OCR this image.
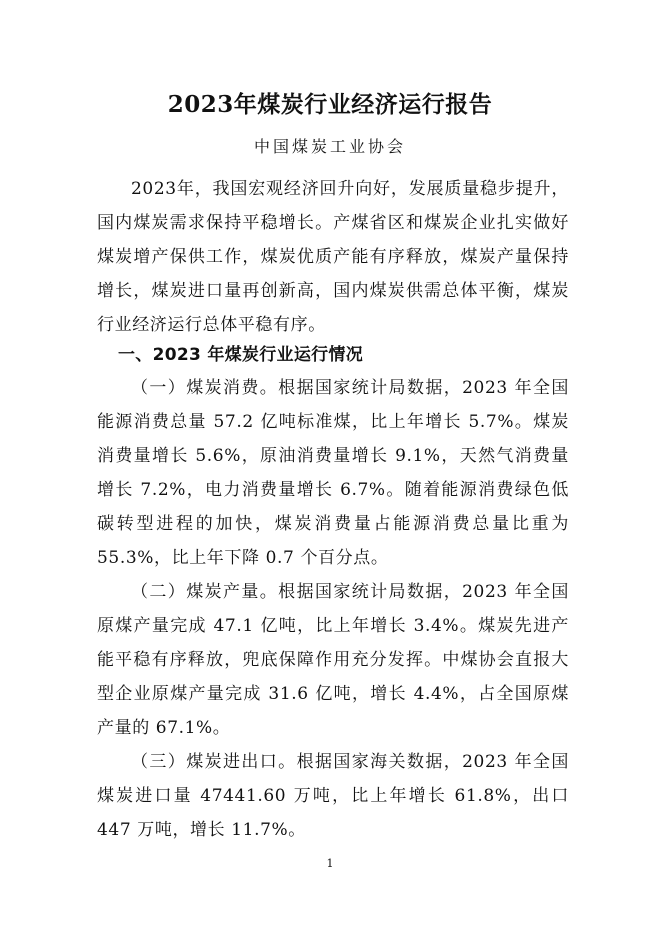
2023年煤炭行业经济运行报告
中国煤炭工业协会

2023年，我国宏观经济回升向好，发展质量稳步提升，国内煤炭需求保持平稳增长。产煤省区和煤炭企业扎实做好煤炭增产保供工作，煤炭优质产能有序释放，煤炭产量保持增长，煤炭进口量再创新高，国内煤炭供需总体平衡，煤炭行业经济运行总体平稳有序。

一、2023 年煤炭行业运行情况

（一）煤炭消费。根据国家统计局数据，2023 年全国能源消费总量 57.2 亿吨标准煤，比上年增长 5.7%。煤炭消费量增长 5.6%，原油消费量增长 9.1%，天然气消费量增长 7.2%，电力消费量增长 6.7%。随着能源消费绿色低碳转型进程的加快，煤炭消费量占能源消费总量比重为 55.3%，比上年下降 0.7 个百分点。

（二）煤炭产量。根据国家统计局数据，2023 年全国原煤产量完成 47.1 亿吨，比上年增长 3.4%。煤炭先进产能平稳有序释放，兜底保障作用充分发挥。中煤协会直报大型企业原煤产量完成 31.6 亿吨，增长 4.4%，占全国原煤产量的 67.1%。

（三）煤炭进出口。根据国家海关数据，2023 年全国煤炭进口量 47441.60 万吨，比上年增长 61.8%，出口 447 万吨，增长 11.7%。

1
